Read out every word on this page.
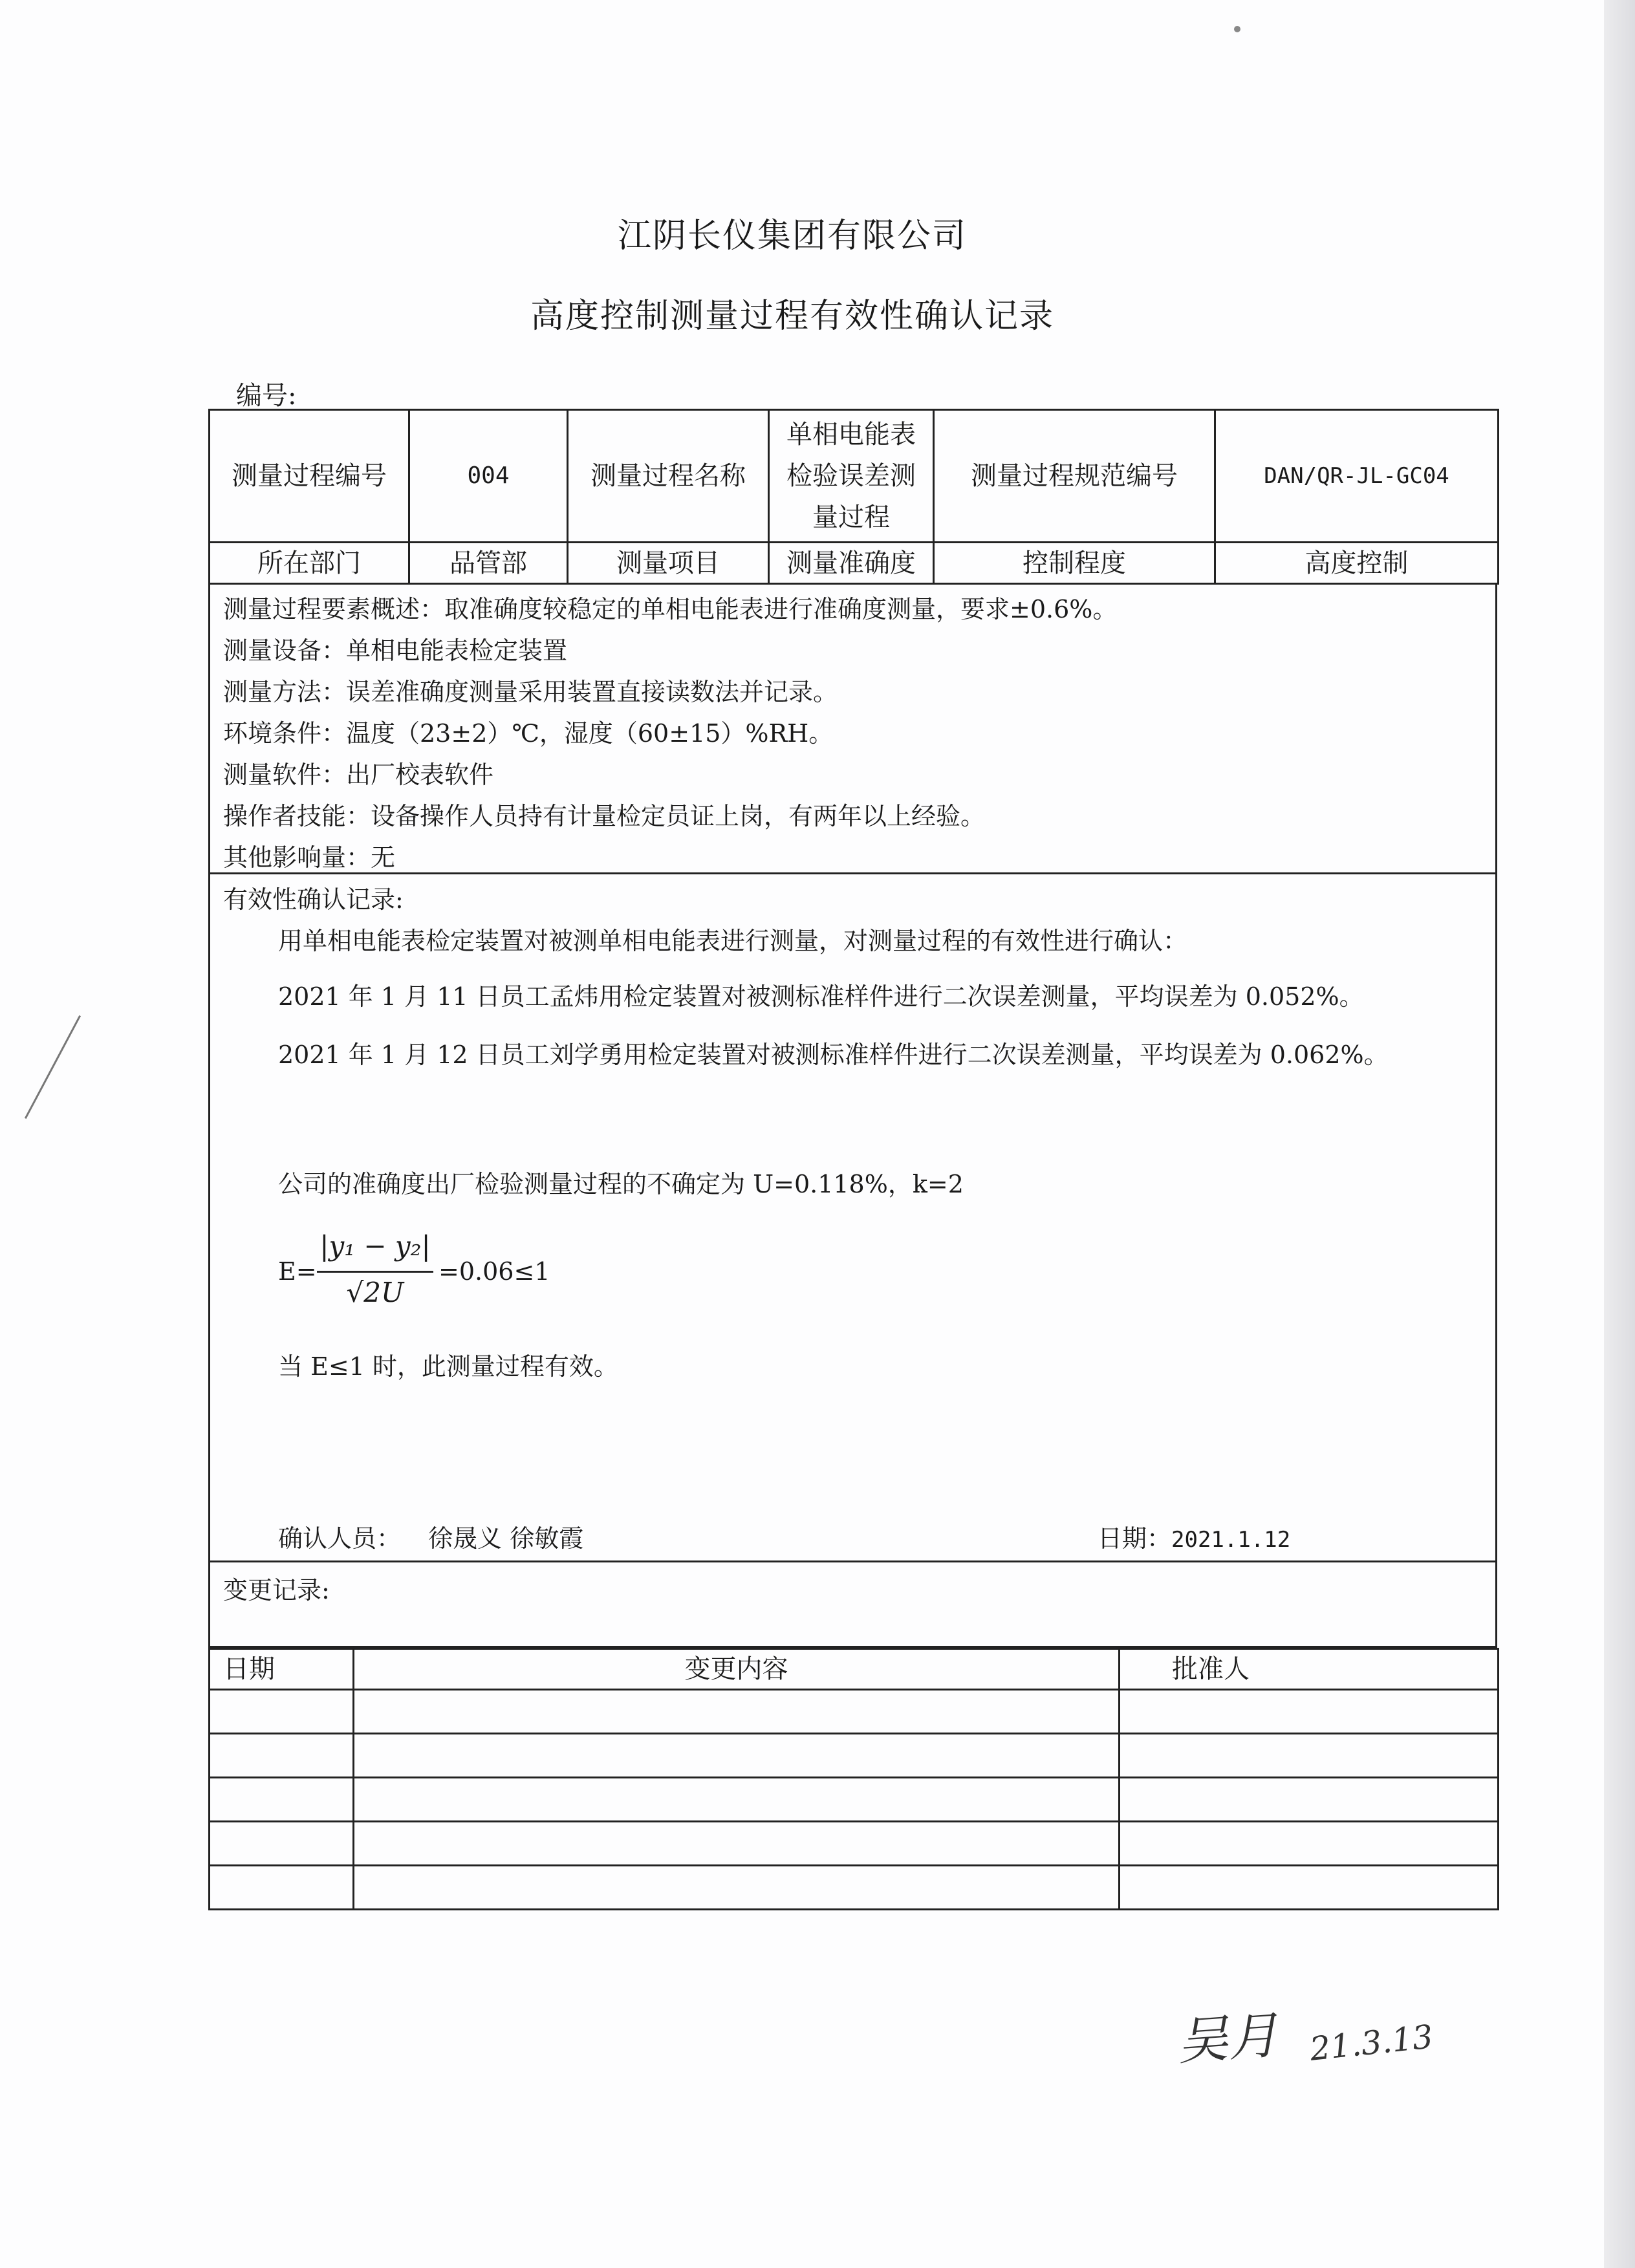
江阴长仪集团有限公司
高度控制测量过程有效性确认记录
编号:
测量过程编号	004	测量过程名称	单相电能表检验误差测量过程	测量过程规范编号	DAN/QR-JL-GC04
所在部门	品管部	测量项目	测量准确度	控制程度	高度控制
测量过程要素概述：取准确度较稳定的单相电能表进行准确度测量，要求±0.6%。
测量设备：单相电能表检定装置
测量方法：误差准确度测量采用装置直接读数法并记录。
环境条件：温度（23±2）℃，湿度（60±15）%RH。
测量软件：出厂校表软件
操作者技能：设备操作人员持有计量检定员证上岗，有两年以上经验。
其他影响量：无
有效性确认记录:
用单相电能表检定装置对被测单相电能表进行测量，对测量过程的有效性进行确认：
2021 年 1 月 11 日员工孟炜用检定装置对被测标准样件进行二次误差测量，平均误差为 0.052%。
2021 年 1 月 12 日员工刘学勇用检定装置对被测标准样件进行二次误差测量，平均误差为 0.062%。
公司的准确度出厂检验测量过程的不确定为 U=0.118%，k=2
E=
|y₁ − y₂|
√2U
=0.06≤1
当 E≤1 时，此测量过程有效。
确认人员： 徐晟义 徐敏霞	日期：2021.1.12
变更记录:
日期	变更内容	批准人

吴月 21.3.13
